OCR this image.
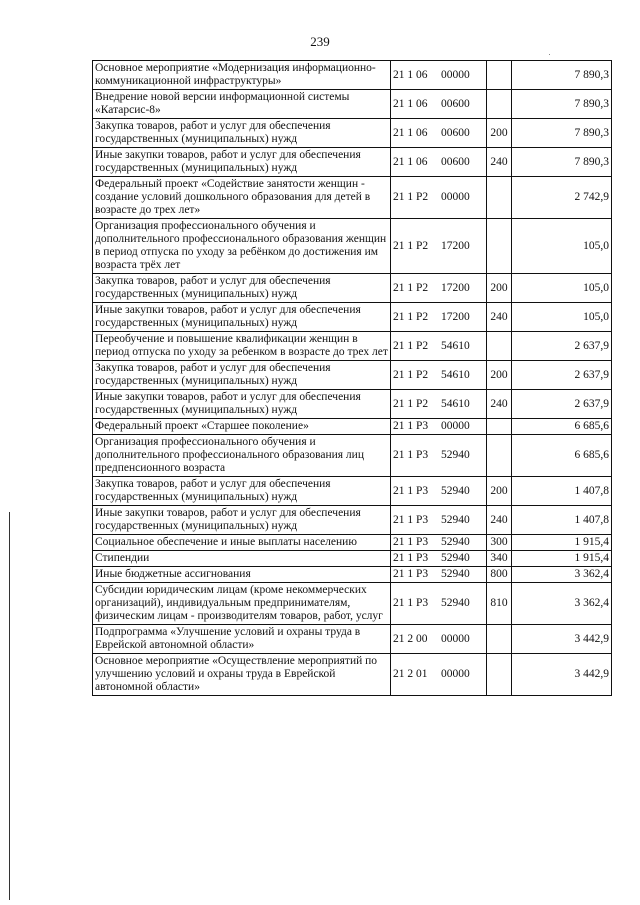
239
Основное мероприятие «Модернизация информационно-коммуникационной инфраструктуры»	21 1 06 00000		7 890,3
Внедрение новой версии информационной системы «Катарсис-8»	21 1 06 00600		7 890,3
Закупка товаров, работ и услуг для обеспечения государственных (муниципальных) нужд	21 1 06 00600	200	7 890,3
Иные закупки товаров, работ и услуг для обеспечения государственных (муниципальных) нужд	21 1 06 00600	240	7 890,3
Федеральный проект «Содействие занятости женщин - создание условий дошкольного образования для детей в возрасте до трех лет»	21 1 P2 00000		2 742,9
Организация профессионального обучения и дополнительного профессионального образования женщин в период отпуска по уходу за ребёнком до достижения им возраста трёх лет	21 1 P2 17200		105,0
Закупка товаров, работ и услуг для обеспечения государственных (муниципальных) нужд	21 1 P2 17200	200	105,0
Иные закупки товаров, работ и услуг для обеспечения государственных (муниципальных) нужд	21 1 P2 17200	240	105,0
Переобучение и повышение квалификации женщин в период отпуска по уходу за ребенком в возрасте до трех лет	21 1 P2 54610		2 637,9
Закупка товаров, работ и услуг для обеспечения государственных (муниципальных) нужд	21 1 P2 54610	200	2 637,9
Иные закупки товаров, работ и услуг для обеспечения государственных (муниципальных) нужд	21 1 P2 54610	240	2 637,9
Федеральный проект «Старшее поколение»	21 1 P3 00000		6 685,6
Организация профессионального обучения и дополнительного профессионального образования лиц предпенсионного возраста	21 1 P3 52940		6 685,6
Закупка товаров, работ и услуг для обеспечения государственных (муниципальных) нужд	21 1 P3 52940	200	1 407,8
Иные закупки товаров, работ и услуг для обеспечения государственных (муниципальных) нужд	21 1 P3 52940	240	1 407,8
Социальное обеспечение и иные выплаты населению	21 1 P3 52940	300	1 915,4
Стипендии	21 1 P3 52940	340	1 915,4
Иные бюджетные ассигнования	21 1 P3 52940	800	3 362,4
Субсидии юридическим лицам (кроме некоммерческих организаций), индивидуальным предпринимателям, физическим лицам - производителям товаров, работ, услуг	21 1 P3 52940	810	3 362,4
Подпрограмма «Улучшение условий и охраны труда в Еврейской автономной области»	21 2 00 00000		3 442,9
Основное мероприятие «Осуществление мероприятий по улучшению условий и охраны труда в Еврейской автономной области»	21 2 01 00000		3 442,9
